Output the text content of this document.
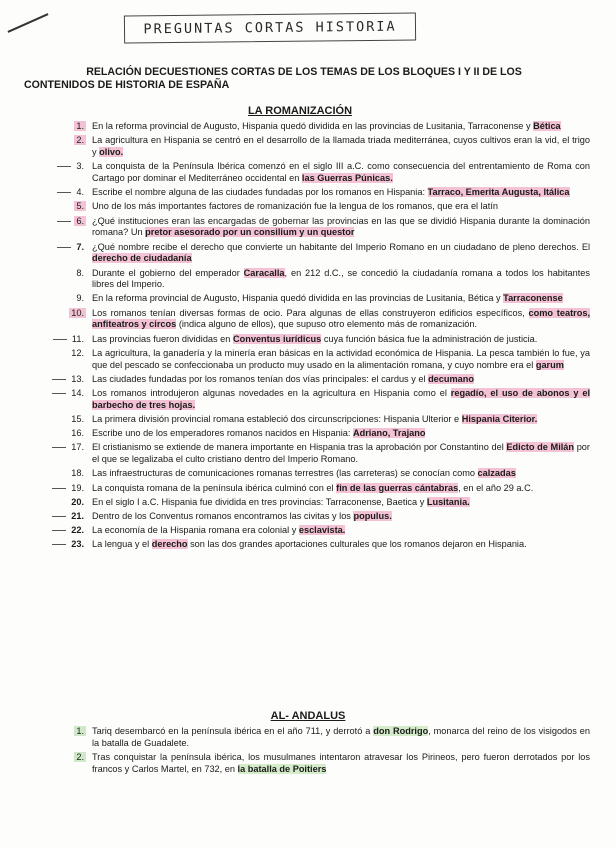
PREGUNTAS CORTAS HISTORIA
RELACIÓN DECUESTIONES CORTAS DE LOS TEMAS DE LOS BLOQUES I Y II DE LOS
CONTENIDOS DE HISTORIA DE ESPAÑA
LA ROMANIZACIÓN
1. En la reforma provincial de Augusto, Hispania quedó dividida en las provincias de Lusitania, Tarraconense y Bética
2. La agricultura en Hispania se centró en el desarrollo de la llamada triada mediterránea, cuyos cultivos eran la vid, el trigo y olivo.
3. La conquista de la Península Ibérica comenzó en el siglo III a.C. como consecuencia del entrentamiento de Roma con Cartago por dominar el Mediterráneo occidental en las Guerras Púnicas.
4. Escribe el nombre alguna de las ciudades fundadas por los romanos en Hispania: Tarraco, Emerita Augusta, Itálica
5. Uno de los más importantes factores de romanización fue la lengua de los romanos, que era el latín
6. ¿Qué instituciones eran las encargadas de gobernar las provincias en las que se dividió Hispania durante la dominación romana? Un pretor asesorado por un consilium y un questor
7. ¿Qué nombre recibe el derecho que convierte un habitante del Imperio Romano en un ciudadano de pleno derechos. El derecho de ciudadanía
8. Durante el gobierno del emperador Caracalla, en 212 d.C., se concedió la ciudadanía romana a todos los habitantes libres del Imperio.
9. En la reforma provincial de Augusto, Hispania quedó dividida en las provincias de Lusitania, Bética y Tarraconense
10. Los romanos tenían diversas formas de ocio. Para algunas de ellas construyeron edificios específicos, como teatros, anfiteatros y circos (indica alguno de ellos), que supuso otro elemento más de romanización.
11. Las provincias fueron divididas en Conventus iurídicus cuya función básica fue la administración de justicia.
12. La agricultura, la ganadería y la minería eran básicas en la actividad económica de Hispania. La pesca también lo fue, ya que del pescado se confeccionaba un producto muy usado en la alimentación romana, y cuyo nombre era el garum
13. Las ciudades fundadas por los romanos tenían dos vías principales: el cardus y el decumano
14. Los romanos introdujeron algunas novedades en la agricultura en Hispania como el regadío, el uso de abonos y el barbecho de tres hojas.
15. La primera división provincial romana estableció dos circunscripciones: Hispania Ulterior e Hispania Citerior.
16. Escribe uno de los emperadores romanos nacidos en Hispania: Adriano, Trajano
17. El cristianismo se extiende de manera importante en Hispania tras la aprobación por Constantino del Edicto de Milán por el que se legalizaba el culto cristiano dentro del Imperio Romano.
18. Las infraestructuras de comunicaciones romanas terrestres (las carreteras) se conocían como calzadas
19. La conquista romana de la península ibérica culminó con el fin de las guerras cántabras, en el año 29 a.C.
20. En el siglo I a.C. Hispania fue dividida en tres provincias: Tarraconense, Baetica y Lusitania.
21. Dentro de los Conventus romanos encontramos las civitas y los populus.
22. La economía de la Hispania romana era colonial y esclavista.
23. La lengua y el derecho son las dos grandes aportaciones culturales que los romanos dejaron en Hispania.
AL- ANDALUS
1. Tariq desembarcó en la península ibérica en el año 711, y derrotó a don Rodrigo, monarca del reino de los visigodos en la batalla de Guadalete.
2. Tras conquistar la península ibérica, los musulmanes intentaron atravesar los Pirineos, pero fueron derrotados por los francos y Carlos Martel, en 732, en la batalla de Poitiers
